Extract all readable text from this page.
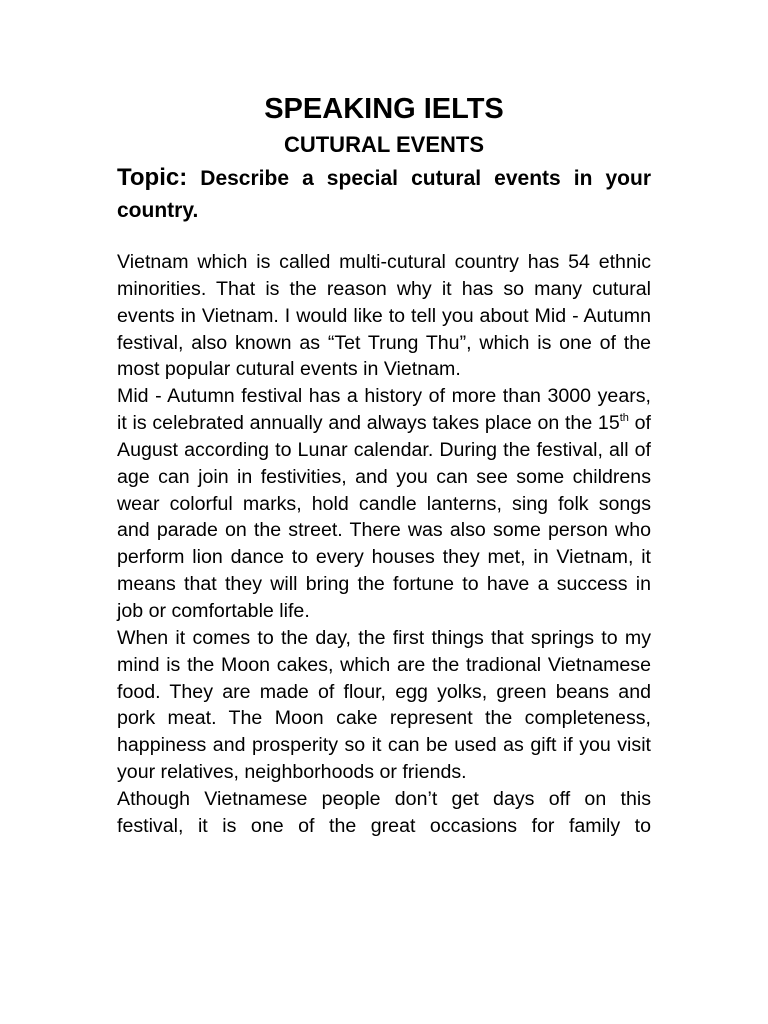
SPEAKING IELTS
CUTURAL EVENTS
Topic: Describe a special cutural events in your country.

Vietnam which is called multi-cutural country has 54 ethnic minorities. That is the reason why it has so many cutural events in Vietnam. I would like to tell you about Mid - Autumn festival, also known as “Tet Trung Thu”, which is one of the most popular cutural events in Vietnam.

Mid - Autumn festival has a history of more than 3000 years, it is celebrated annually and always takes place on the 15th of August according to Lunar calendar. During the festival, all of age can join in festivities, and you can see some childrens wear colorful marks, hold candle lanterns, sing folk songs and parade on the street. There was also some person who perform lion dance to every houses they met, in Vietnam, it means that they will bring the fortune to have a success in job or comfortable life.

When it comes to the day, the first things that springs to my mind is the Moon cakes, which are the tradional Vietnamese food. They are made of flour, egg yolks, green beans and pork meat. The Moon cake represent the completeness, happiness and prosperity so it can be used as gift if you visit your relatives, neighborhoods or friends.

Athough Vietnamese people don’t get days off on this festival, it is one of the great occasions for family to
